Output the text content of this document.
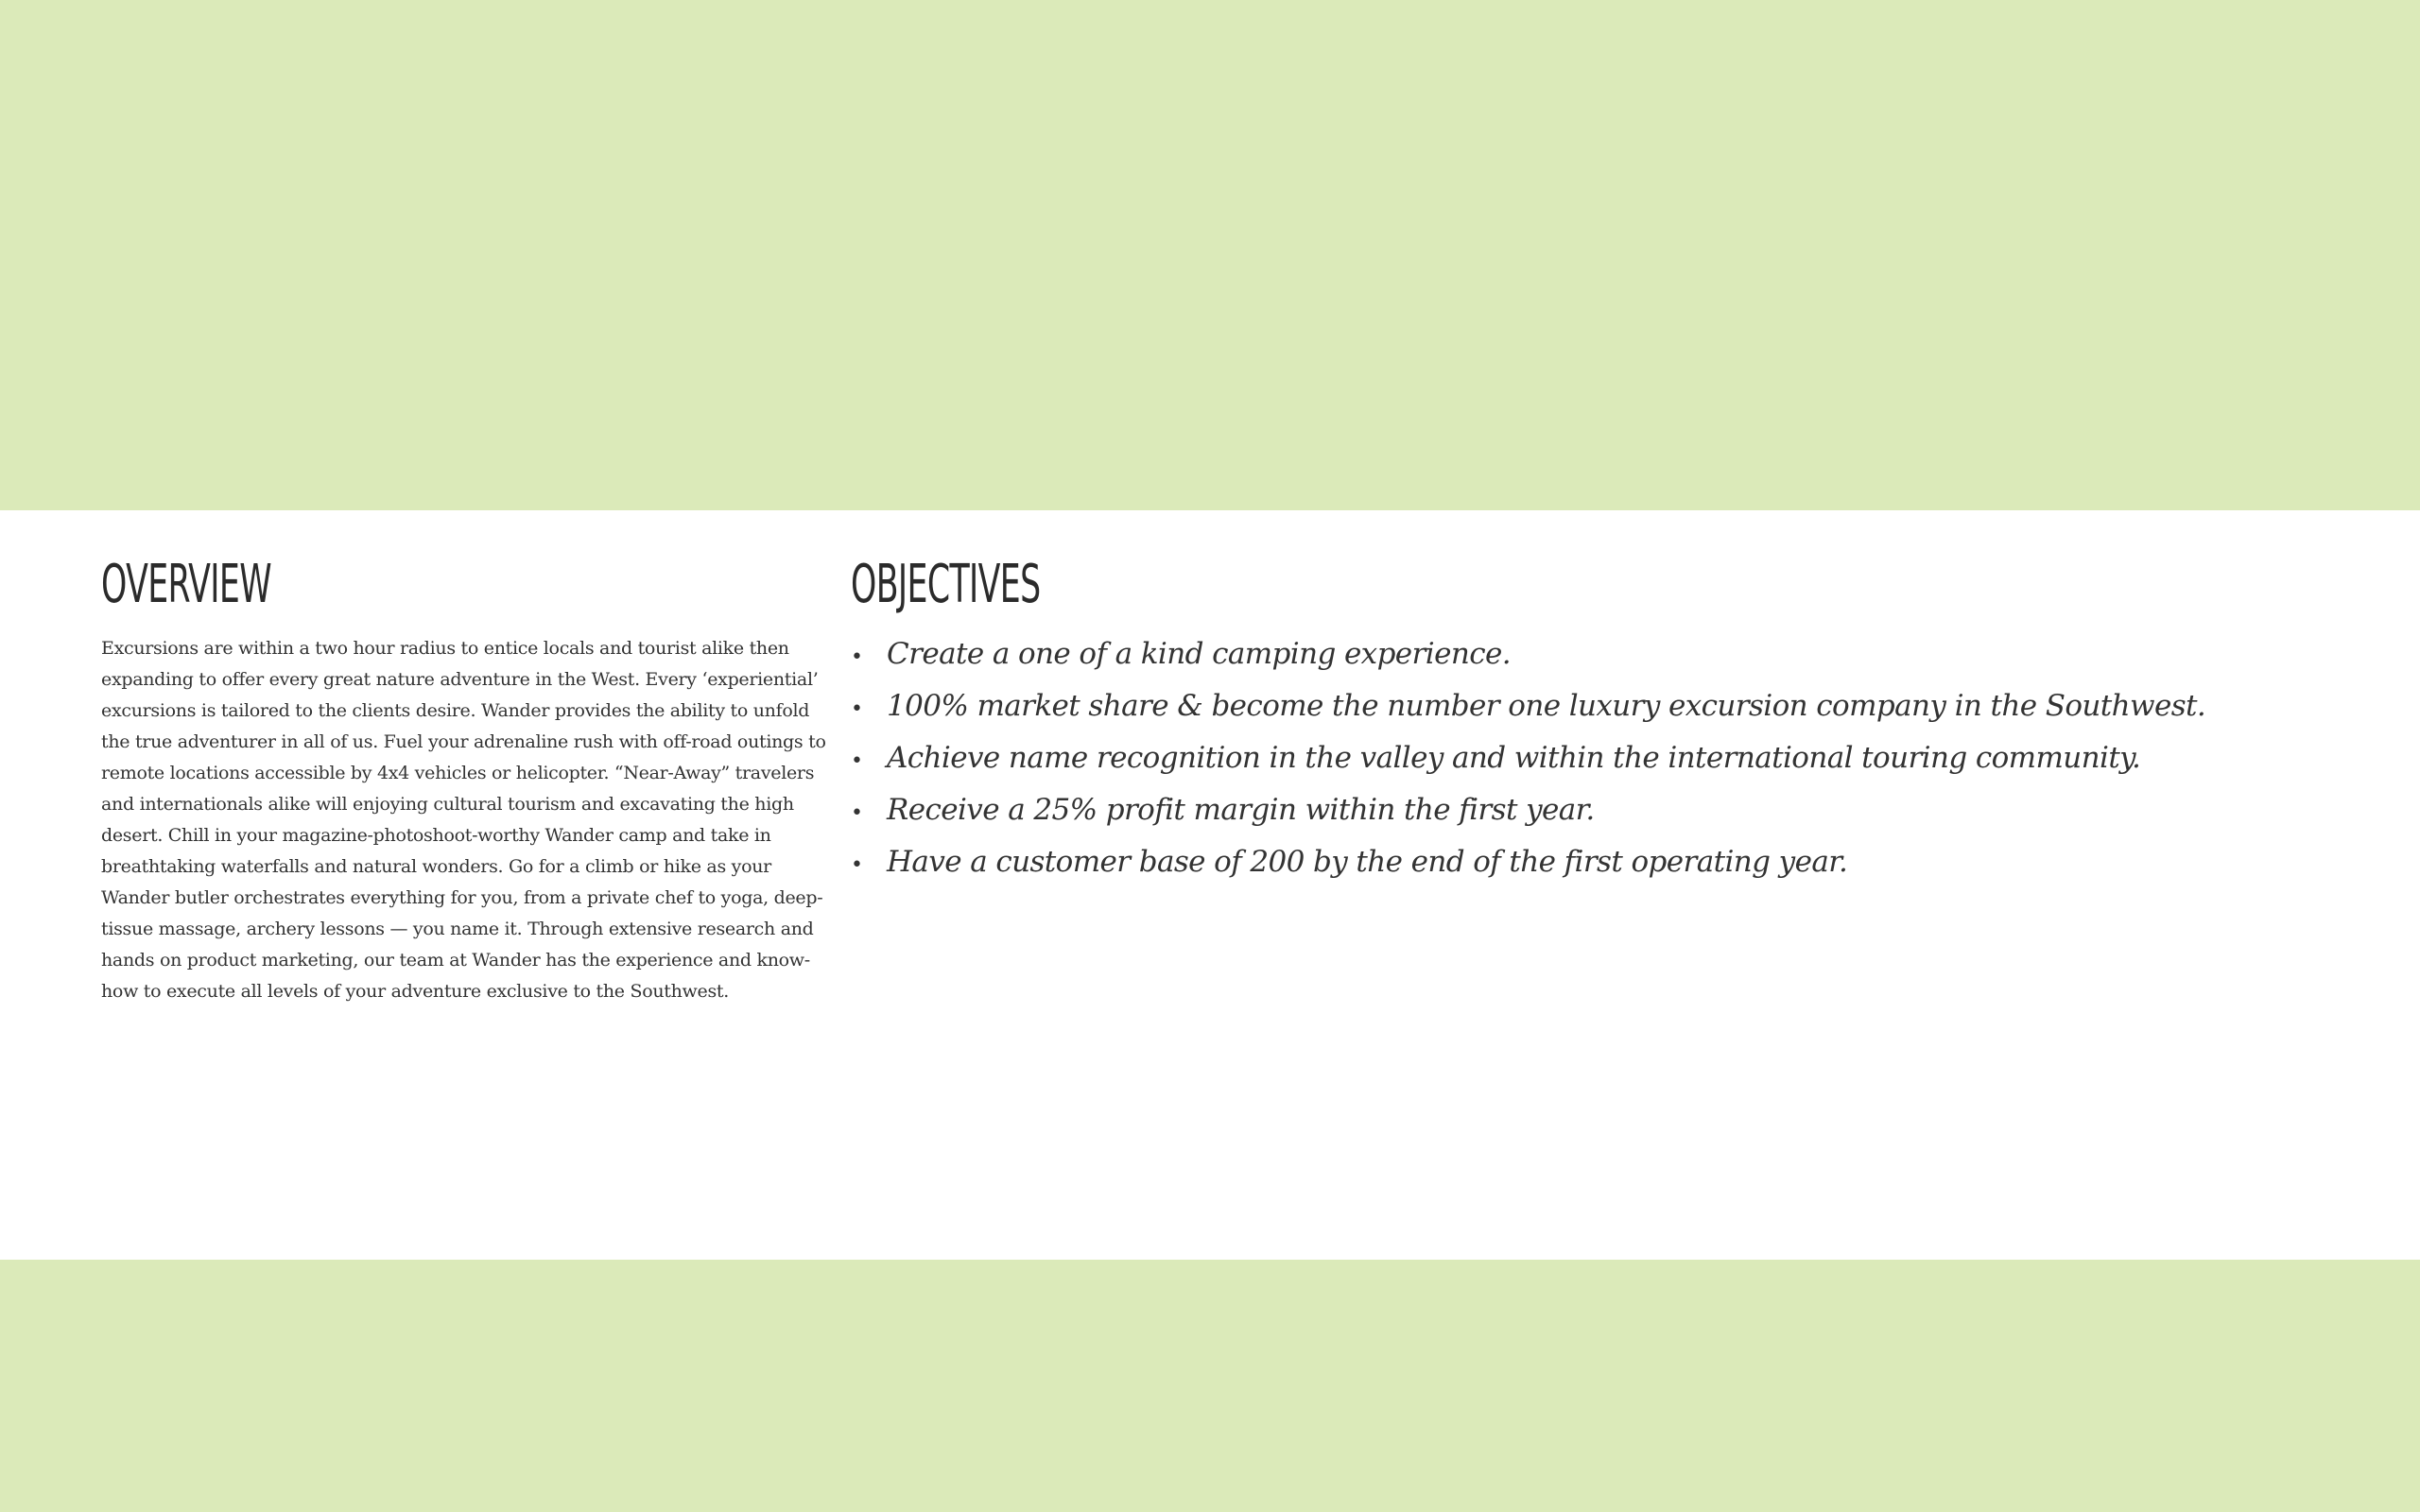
OVERVIEW

Excursions are within a two hour radius to entice locals and tourist alike then expanding to offer every great nature adventure in the West. Every ‘experiential’ excursions is tailored to the clients desire. Wander provides the ability to unfold the true adventurer in all of us. Fuel your adrenaline rush with off-road outings to remote locations accessible by 4x4 vehicles or helicopter. “Near-Away” travelers and internationals alike will enjoying cultural tourism and excavating the high desert. Chill in your magazine-photoshoot-worthy Wander camp and take in breathtaking waterfalls and natural wonders. Go for a climb or hike as your Wander butler orchestrates everything for you, from a private chef to yoga, deep-tissue massage, archery lessons — you name it. Through extensive research and hands on product marketing, our team at Wander has the experience and know-how to execute all levels of your adventure exclusive to the Southwest.

OBJECTIVES
• Create a one of a kind camping experience.
• 100% market share & become the number one luxury excursion company in the Southwest.
• Achieve name recognition in the valley and within the international touring community.
• Receive a 25% profit margin within the first year.
• Have a customer base of 200 by the end of the first operating year.
